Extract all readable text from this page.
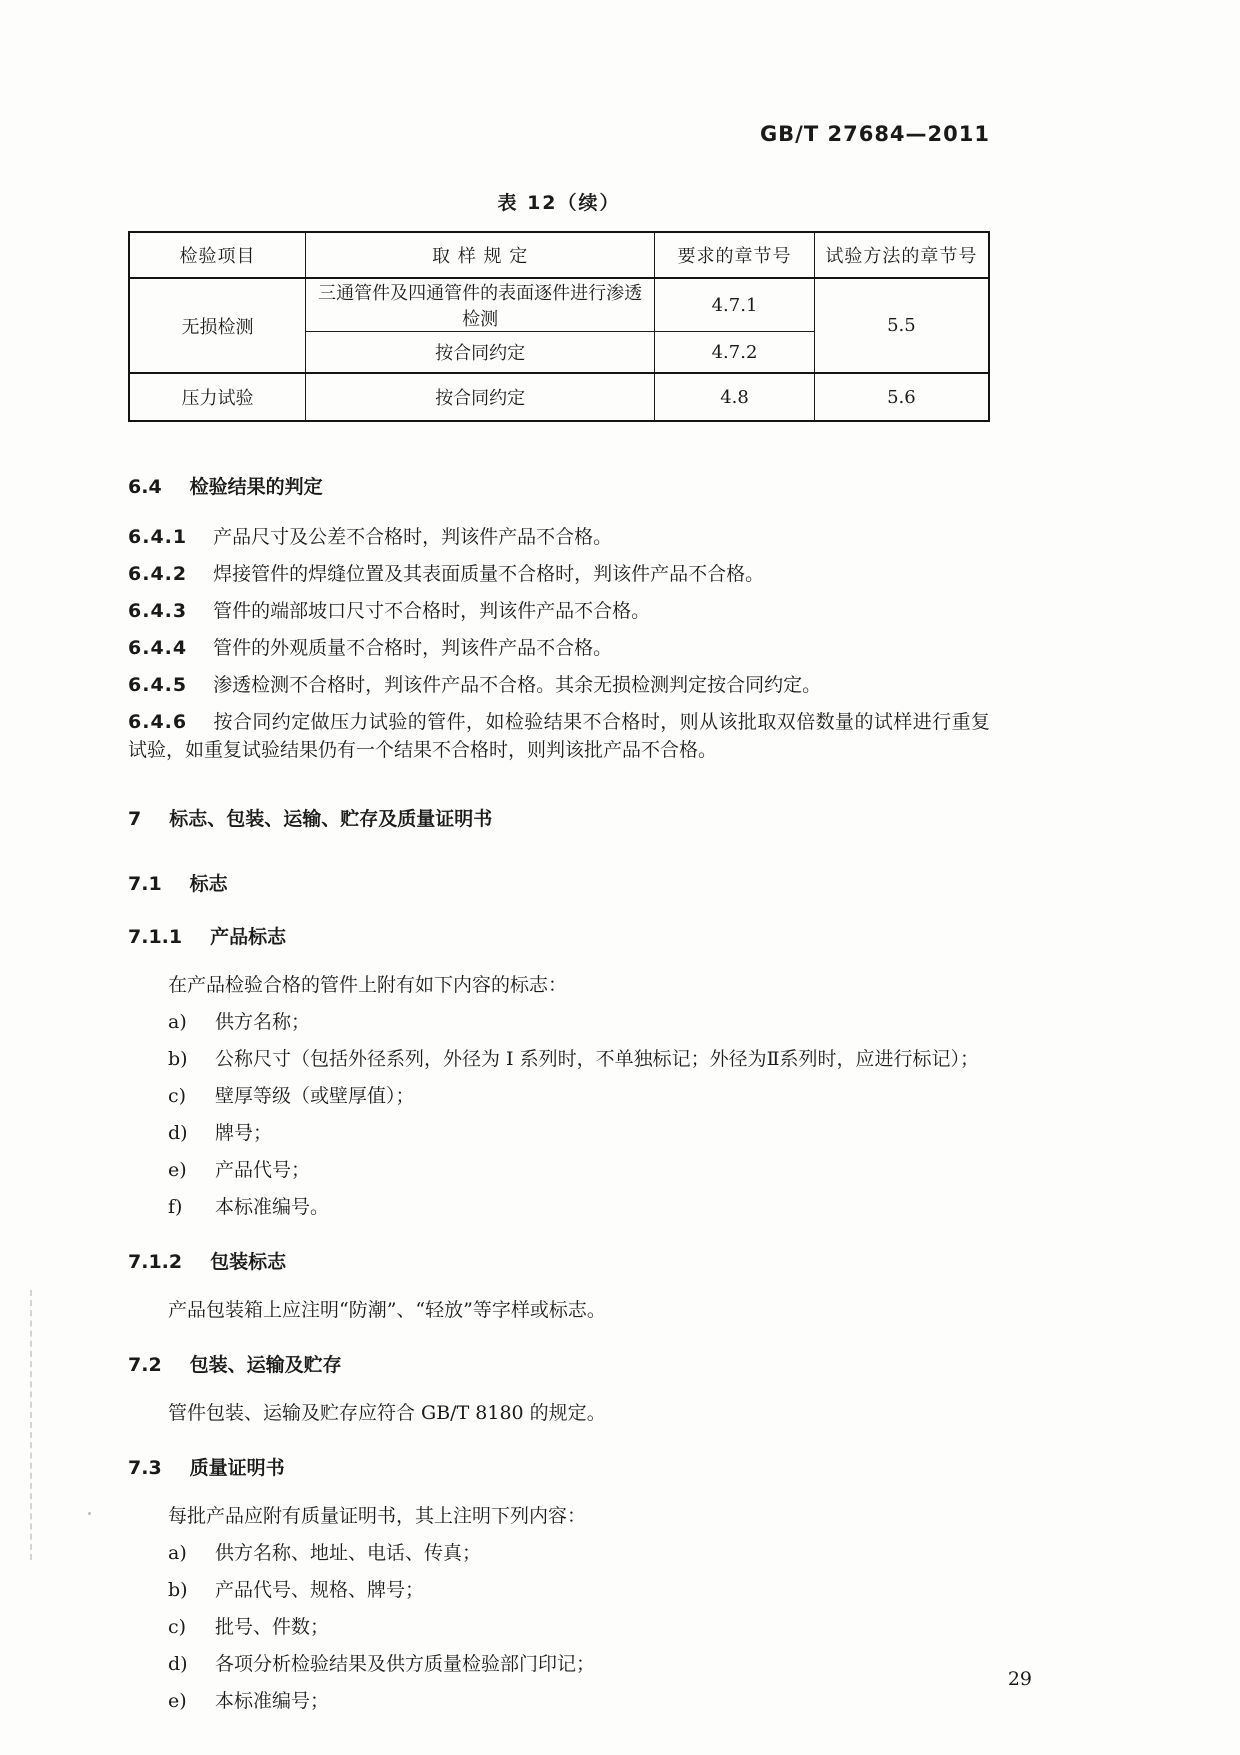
GB/T 27684—2011
表 12（续）
检验项目	取 样 规 定	要求的章节号	试验方法的章节号
无损检测	三通管件及四通管件的表面逐件进行渗透检测	4.7.1	5.5
	按合同约定	4.7.2	
压力试验	按合同约定	4.8	5.6
6.4 检验结果的判定

6.4.1 产品尺寸及公差不合格时，判该件产品不合格。

6.4.2 焊接管件的焊缝位置及其表面质量不合格时，判该件产品不合格。

6.4.3 管件的端部坡口尺寸不合格时，判该件产品不合格。

6.4.4 管件的外观质量不合格时，判该件产品不合格。

6.4.5 渗透检测不合格时，判该件产品不合格。其余无损检测判定按合同约定。

6.4.6 按合同约定做压力试验的管件，如检验结果不合格时，则从该批取双倍数量的试样进行重复试验，如重复试验结果仍有一个结果不合格时，则判该批产品不合格。

7 标志、包装、运输、贮存及质量证明书
7.1 标志
7.1.1 产品标志

在产品检验合格的管件上附有如下内容的标志：

a) 供方名称；

b) 公称尺寸（包括外径系列，外径为 Ⅰ 系列时，不单独标记；外径为Ⅱ系列时，应进行标记）；

c) 壁厚等级（或壁厚值）；

d) 牌号；

e) 产品代号；

f) 本标准编号。

7.1.2 包装标志

产品包装箱上应注明“防潮”、“轻放”等字样或标志。

7.2 包装、运输及贮存

管件包装、运输及贮存应符合 GB/T 8180 的规定。

7.3 质量证明书

每批产品应附有质量证明书，其上注明下列内容：

a) 供方名称、地址、电话、传真；

b) 产品代号、规格、牌号；

c) 批号、件数；

d) 各项分析检验结果及供方质量检验部门印记；

e) 本标准编号；

29
